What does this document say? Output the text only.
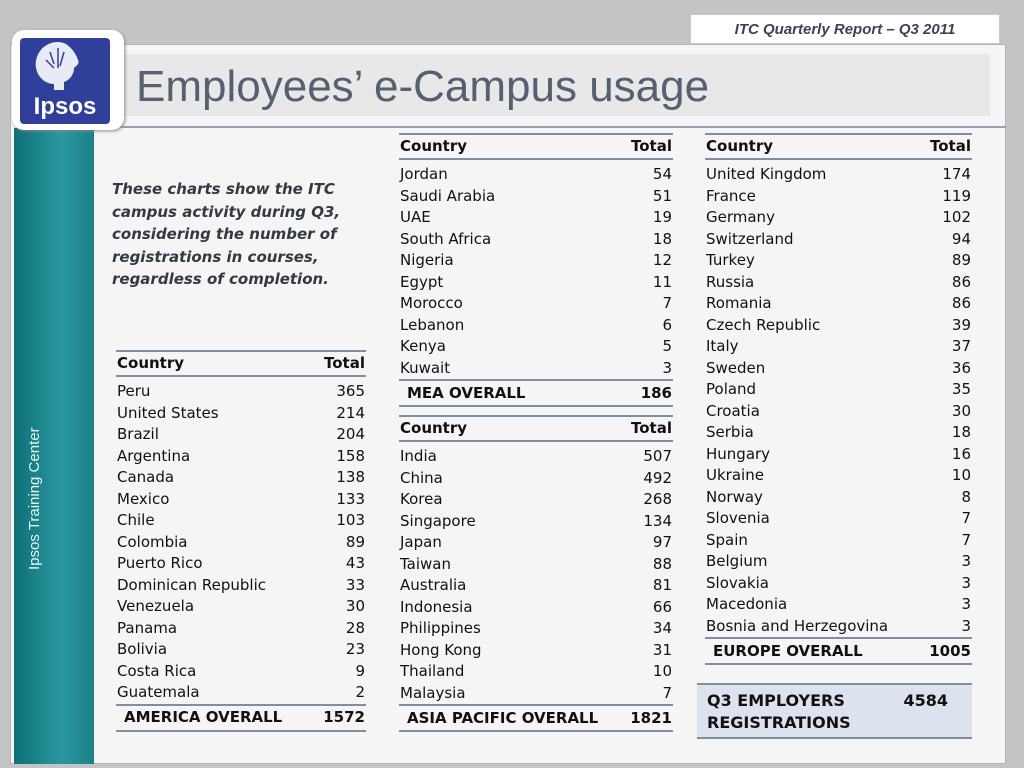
ITC Quarterly Report – Q3 2011
Employees’ e-Campus usage
Ipsos Training Center
Ipsos

These charts show the ITC campus activity during Q3, considering the number of registrations in courses, regardless of completion.

Country	Total
Peru	365
United States	214
Brazil	204
Argentina	158
Canada	138
Mexico	133
Chile	103
Colombia	89
Puerto Rico	43
Dominican Republic	33
Venezuela	30
Panama	28
Bolivia	23
Costa Rica	9
Guatemala	2
AMERICA OVERALL	1572
Country	Total
Jordan	54
Saudi Arabia	51
UAE	19
South Africa	18
Nigeria	12
Egypt	11
Morocco	7
Lebanon	6
Kenya	5
Kuwait	3
MEA OVERALL	186
Country	Total
India	507
China	492
Korea	268
Singapore	134
Japan	97
Taiwan	88
Australia	81
Indonesia	66
Philippines	34
Hong Kong	31
Thailand	10
Malaysia	7
ASIA PACIFIC OVERALL	1821
Country	Total
United Kingdom	174
France	119
Germany	102
Switzerland	94
Turkey	89
Russia	86
Romania	86
Czech Republic	39
Italy	37
Sweden	36
Poland	35
Croatia	30
Serbia	18
Hungary	16
Ukraine	10
Norway	8
Slovenia	7
Spain	7
Belgium	3
Slovakia	3
Macedonia	3
Bosnia and Herzegovina	3
EUROPE OVERALL	1005
Q3 EMPLOYERS REGISTRATIONS
4584
